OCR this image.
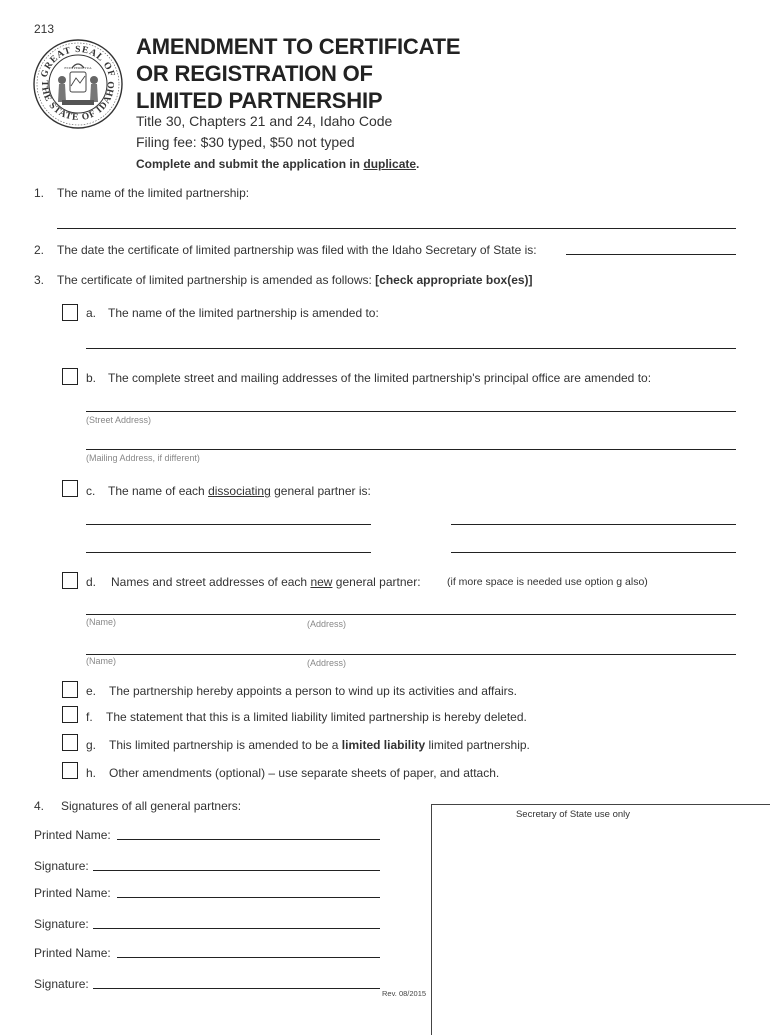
213
GREAT SEAL OF
THE STATE OF IDAHO
ESTO PERPETUA
AMENDMENT TO CERTIFICATE
OR REGISTRATION OF
LIMITED PARTNERSHIP
Title 30, Chapters 21 and 24, Idaho Code
Filing fee: $30 typed, $50 not typed
Complete and submit the application in duplicate.
1. The name of the limited partnership:
2. The date the certificate of limited partnership was filed with the Idaho Secretary of State is:
3. The certificate of limited partnership is amended as follows: [check appropriate box(es)]
a. The name of the limited partnership is amended to:
b. The complete street and mailing addresses of the limited partnership's principal office are amended to:
(Street Address)
(Mailing Address, if different)
c. The name of each dissociating general partner is:
d. Names and street addresses of each new general partner:	(if more space is needed use option g also)
(Name)	(Address)
(Name)	(Address)
e. The partnership hereby appoints a person to wind up its activities and affairs.
f. The statement that this is a limited liability limited partnership is hereby deleted.
g. This limited partnership is amended to be a limited liability limited partnership.
h. Other amendments (optional) – use separate sheets of paper, and attach.
4. Signatures of all general partners:
Printed Name:
Signature:
Printed Name:
Signature:
Printed Name:
Signature:
Rev. 08/2015
Secretary of State use only
